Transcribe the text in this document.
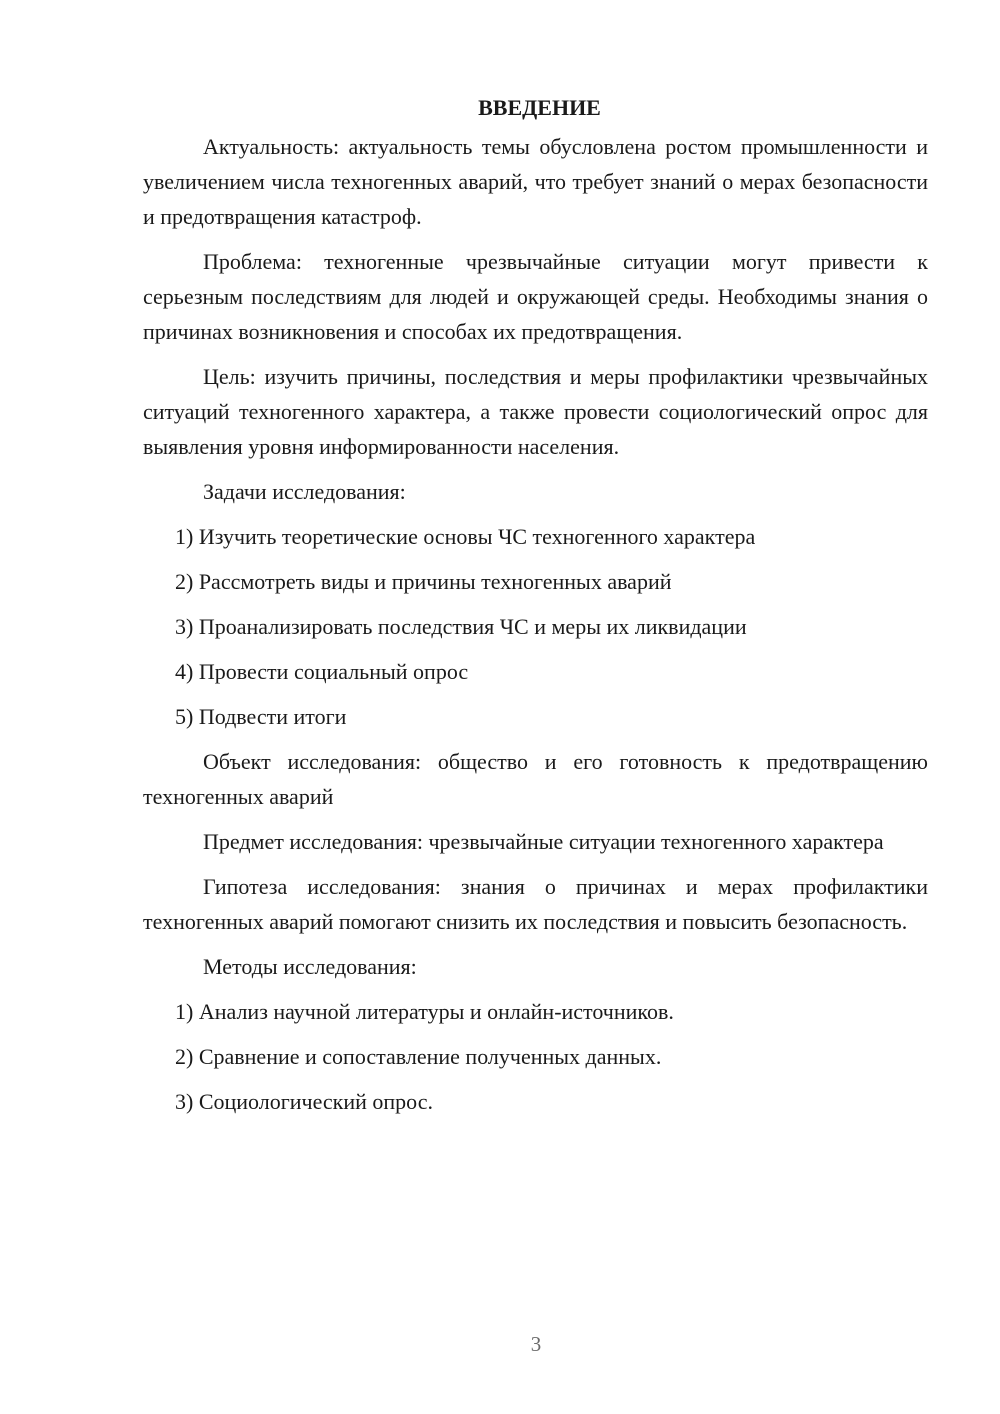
ВВЕДЕНИЕ

Актуальность: актуальность темы обусловлена ростом промышленности и увеличением числа техногенных аварий, что требует знаний о мерах безопасности и предотвращения катастроф.

Проблема: техногенные чрезвычайные ситуации могут привести к серьезным последствиям для людей и окружающей среды. Необходимы знания о причинах возникновения и способах их предотвращения.

Цель: изучить причины, последствия и меры профилактики чрезвычайных ситуаций техногенного характера, а также провести социологический опрос для выявления уровня информированности населения.

Задачи исследования:

1) Изучить теоретические основы ЧС техногенного характера

2) Рассмотреть виды и причины техногенных аварий

3) Проанализировать последствия ЧС и меры их ликвидации

4) Провести социальный опрос

5) Подвести итоги

Объект исследования: общество и его готовность к предотвращению техногенных аварий

Предмет исследования: чрезвычайные ситуации техногенного характера

Гипотеза исследования: знания о причинах и мерах профилактики техногенных аварий помогают снизить их последствия и повысить безопасность.

Методы исследования:

1) Анализ научной литературы и онлайн-источников.

2) Сравнение и сопоставление полученных данных.

3) Социологический опрос.

3
